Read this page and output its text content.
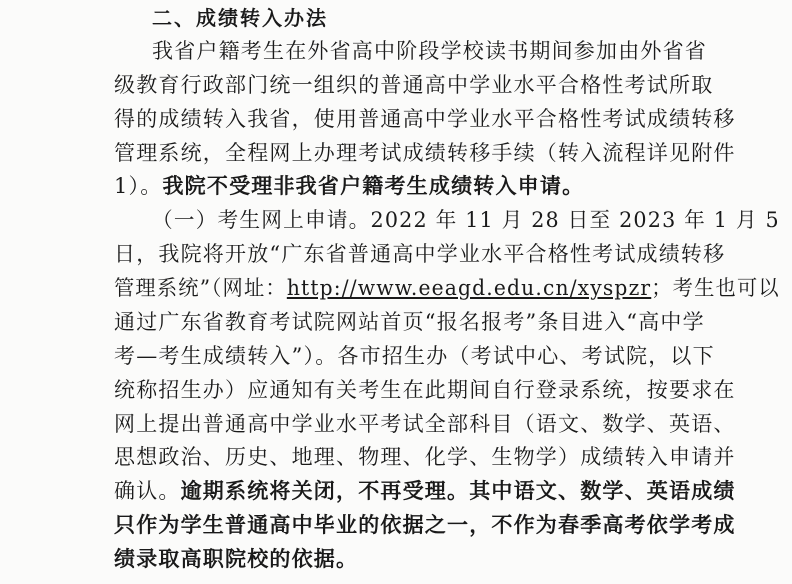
二、成绩转入办法
我省户籍考生在外省高中阶段学校读书期间参加由外省省
级教育行政部门统一组织的普通高中学业水平合格性考试所取
得的成绩转入我省，使用普通高中学业水平合格性考试成绩转移
管理系统，全程网上办理考试成绩转移手续（转入流程详见附件
1）。我院不受理非我省户籍考生成绩转入申请。
（一）考生网上申请。2022 年 11 月 28 日至 2023 年 1 月 5
日，我院将开放“广东省普通高中学业水平合格性考试成绩转移
管理系统”（网址：http://www.eeagd.edu.cn/xyspzr；考生也可以
通过广东省教育考试院网站首页“报名报考”条目进入“高中学
考—考生成绩转入”）。各市招生办（考试中心、考试院，以下
统称招生办）应通知有关考生在此期间自行登录系统，按要求在
网上提出普通高中学业水平考试全部科目（语文、数学、英语、
思想政治、历史、地理、物理、化学、生物学）成绩转入申请并
确认。逾期系统将关闭，不再受理。其中语文、数学、英语成绩
只作为学生普通高中毕业的依据之一，不作为春季高考依学考成
绩录取高职院校的依据。
